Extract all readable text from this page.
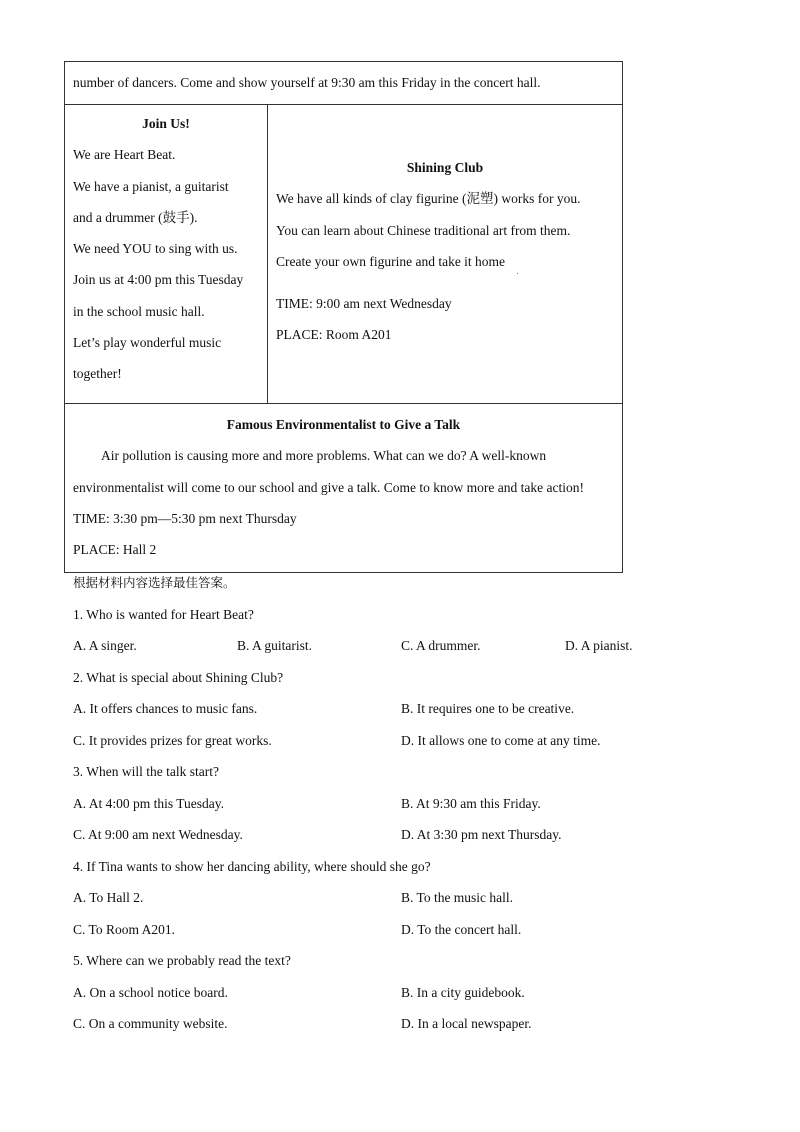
number of dancers. Come and show yourself at 9:30 am this Friday in the concert hall.

Join Us!
We are Heart Beat.
We have a pianist, a guitarist
and a drummer (鼓手).
We need YOU to sing with us.
Join us at 4:00 pm this Tuesday
in the school music hall.
Let’s play wonderful music
together!

Shining Club
We have all kinds of clay figurine (泥塑) works for you.
You can learn about Chinese traditional art from them.
Create your own figurine and take it home
TIME: 9:00 am next Wednesday
PLACE: Room A201

Famous Environmentalist to Give a Talk
Air pollution is causing more and more problems. What can we do? A well-known
environmentalist will come to our school and give a talk. Come to know more and take action!
TIME: 3:30 pm—5:30 pm next Thursday
PLACE: Hall 2
根据材料内容选择最佳答案。
1. Who is wanted for Heart Beat?
A. A singer.	B. A guitarist.	C. A drummer.	D. A pianist.
2. What is special about Shining Club?
A. It offers chances to music fans.	B. It requires one to be creative.
C. It provides prizes for great works.	D. It allows one to come at any time.
3. When will the talk start?
A. At 4:00 pm this Tuesday.	B. At 9:30 am this Friday.
C. At 9:00 am next Wednesday.	D. At 3:30 pm next Thursday.
4. If Tina wants to show her dancing ability, where should she go?
A. To Hall 2.	B. To the music hall.
C. To Room A201.	D. To the concert hall.
5. Where can we probably read the text?
A. On a school notice board.	B. In a city guidebook.
C. On a community website.	D. In a local newspaper.
